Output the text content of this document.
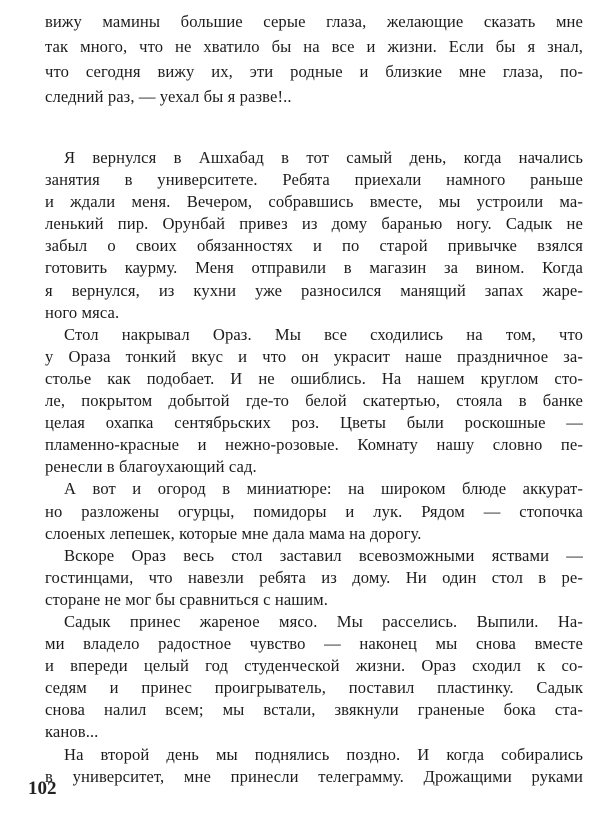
вижу мамины большие серые глаза, желающие сказать мне
так много, что не хватило бы на все и жизни. Если бы я знал,
что сегодня вижу их, эти родные и близкие мне глаза, по-
следний раз, — уехал бы я разве!..
Я вернулся в Ашхабад в тот самый день, когда начались
занятия в университете. Ребята приехали намного раньше
и ждали меня. Вечером, собравшись вместе, мы устроили ма-
ленький пир. Орунбай привез из дому баранью ногу. Садык не
забыл о своих обязанностях и по старой привычке взялся
готовить каурму. Меня отправили в магазин за вином. Когда
я вернулся, из кухни уже разносился манящий запах жаре-
ного мяса.
Стол накрывал Ораз. Мы все сходились на том, что
у Ораза тонкий вкус и что он украсит наше праздничное за-
столье как подобает. И не ошиблись. На нашем круглом сто-
ле, покрытом добытой где-то белой скатертью, стояла в банке
целая охапка сентябрьских роз. Цветы были роскошные —
пламенно-красные и нежно-розовые. Комнату нашу словно пе-
ренесли в благоухающий сад.
А вот и огород в миниатюре: на широком блюде аккурат-
но разложены огурцы, помидоры и лук. Рядом — стопочка
слоеных лепешек, которые мне дала мама на дорогу.
Вскоре Ораз весь стол заставил всевозможными яствами —
гостинцами, что навезли ребята из дому. Ни один стол в ре-
сторане не мог бы сравниться с нашим.
Садык принес жареное мясо. Мы расселись. Выпили. На-
ми владело радостное чувство — наконец мы снова вместе
и впереди целый год студенческой жизни. Ораз сходил к со-
седям и принес проигрыватель, поставил пластинку. Садык
снова налил всем; мы встали, звякнули граненые бока ста-
канов...
На второй день мы поднялись поздно. И когда собирались
в университет, мне принесли телеграмму. Дрожащими руками
102
